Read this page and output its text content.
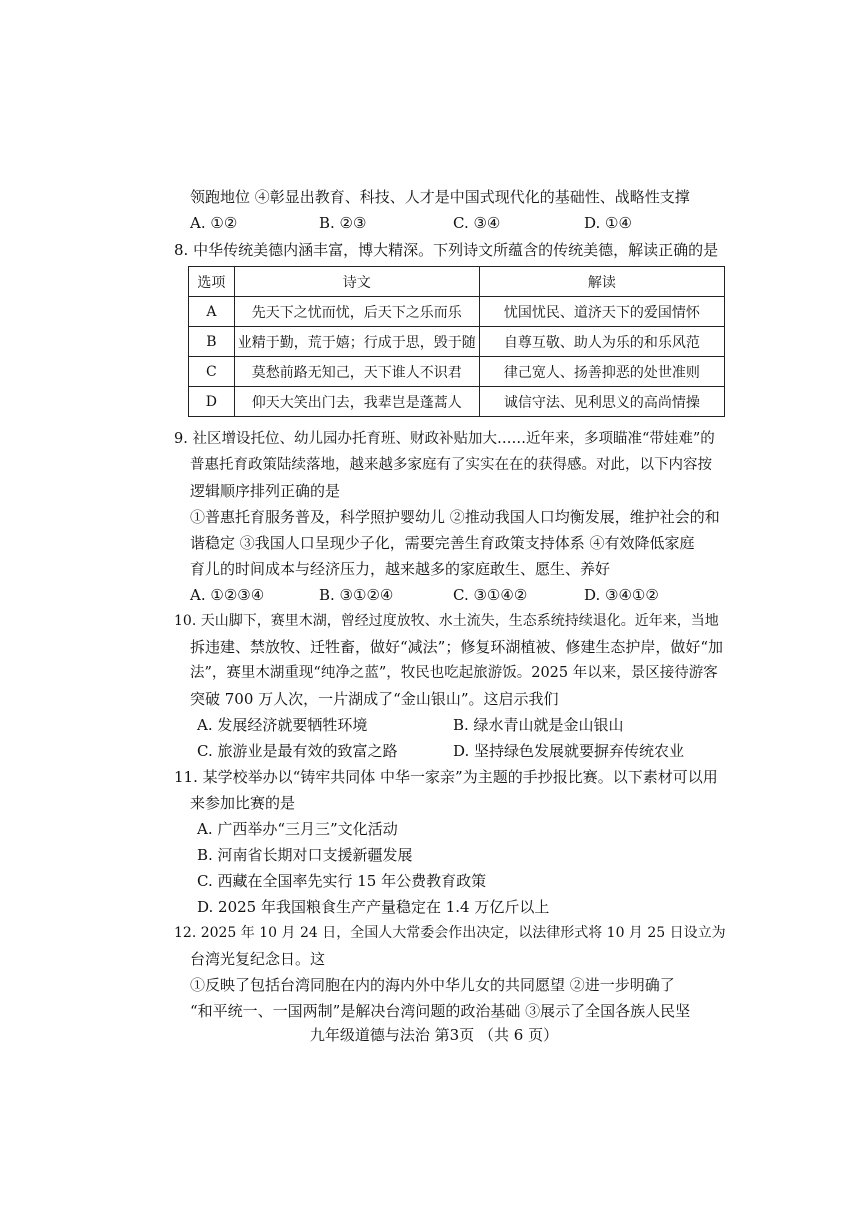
领跑地位 ④彰显出教育、科技、人才是中国式现代化的基础性、战略性支撑
A. ①②	B. ②③	C. ③④	D. ①④
8. 中华传统美德内涵丰富，博大精深。下列诗文所蕴含的传统美德，解读正确的是
选项	诗文	解读
A	先天下之忧而忧，后天下之乐而乐	忧国忧民、道济天下的爱国情怀
B	业精于勤，荒于嬉；行成于思，毁于随	自尊互敬、助人为乐的和乐风范
C	莫愁前路无知己，天下谁人不识君	律己宽人、扬善抑恶的处世准则
D	仰天大笑出门去，我辈岂是蓬蒿人	诚信守法、见利思义的高尚情操
9. 社区增设托位、幼儿园办托育班、财政补贴加大……近年来，多项瞄准“带娃难”的
普惠托育政策陆续落地，越来越多家庭有了实实在在的获得感。对此，以下内容按
逻辑顺序排列正确的是
①普惠托育服务普及，科学照护婴幼儿 ②推动我国人口均衡发展，维护社会的和
谐稳定 ③我国人口呈现少子化，需要完善生育政策支持体系 ④有效降低家庭
育儿的时间成本与经济压力，越来越多的家庭敢生、愿生、养好
A. ①②③④	B. ③①②④	C. ③①④②	D. ③④①②
10. 天山脚下，赛里木湖，曾经过度放牧、水土流失，生态系统持续退化。近年来，当地
拆违建、禁放牧、迁牲畜，做好“减法”；修复环湖植被、修建生态护岸，做好“加
法”，赛里木湖重现“纯净之蓝”，牧民也吃起旅游饭。2025 年以来，景区接待游客
突破 700 万人次，一片湖成了“金山银山”。这启示我们
A. 发展经济就要牺牲环境	B. 绿水青山就是金山银山
C. 旅游业是最有效的致富之路	D. 坚持绿色发展就要摒弃传统农业
11. 某学校举办以“铸牢共同体 中华一家亲”为主题的手抄报比赛。以下素材可以用
来参加比赛的是
A. 广西举办“三月三”文化活动
B. 河南省长期对口支援新疆发展
C. 西藏在全国率先实行 15 年公费教育政策
D. 2025 年我国粮食生产产量稳定在 1.4 万亿斤以上
12. 2025 年 10 月 24 日，全国人大常委会作出决定，以法律形式将 10 月 25 日设立为
台湾光复纪念日。这
①反映了包括台湾同胞在内的海内外中华儿女的共同愿望 ②进一步明确了
“和平统一、一国两制”是解决台湾问题的政治基础 ③展示了全国各族人民坚
九年级道德与法治 第3页 （共 6 页）
